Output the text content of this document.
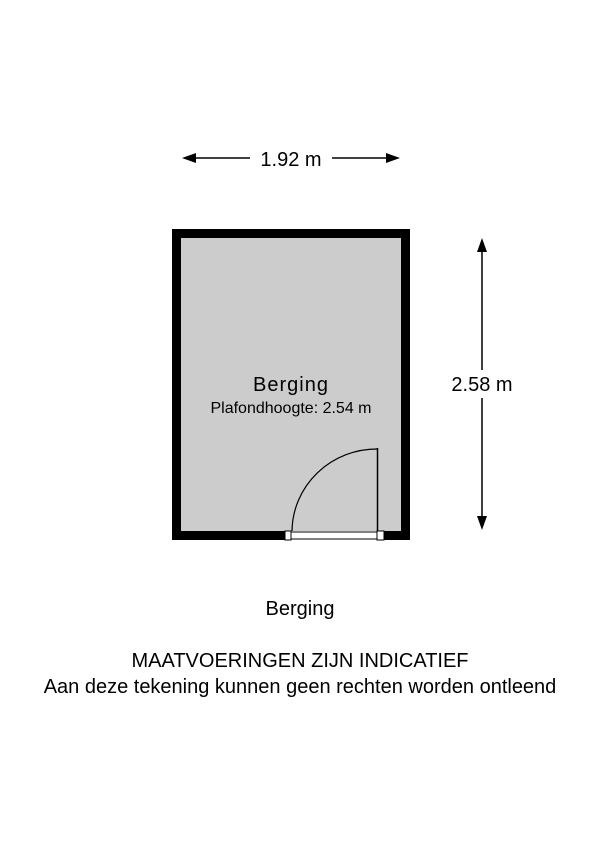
1.92 m
2.58 m
Berging
Plafondhoogte: 2.54 m
Berging
MAATVOERINGEN ZIJN INDICATIEF
Aan deze tekening kunnen geen rechten worden ontleend
